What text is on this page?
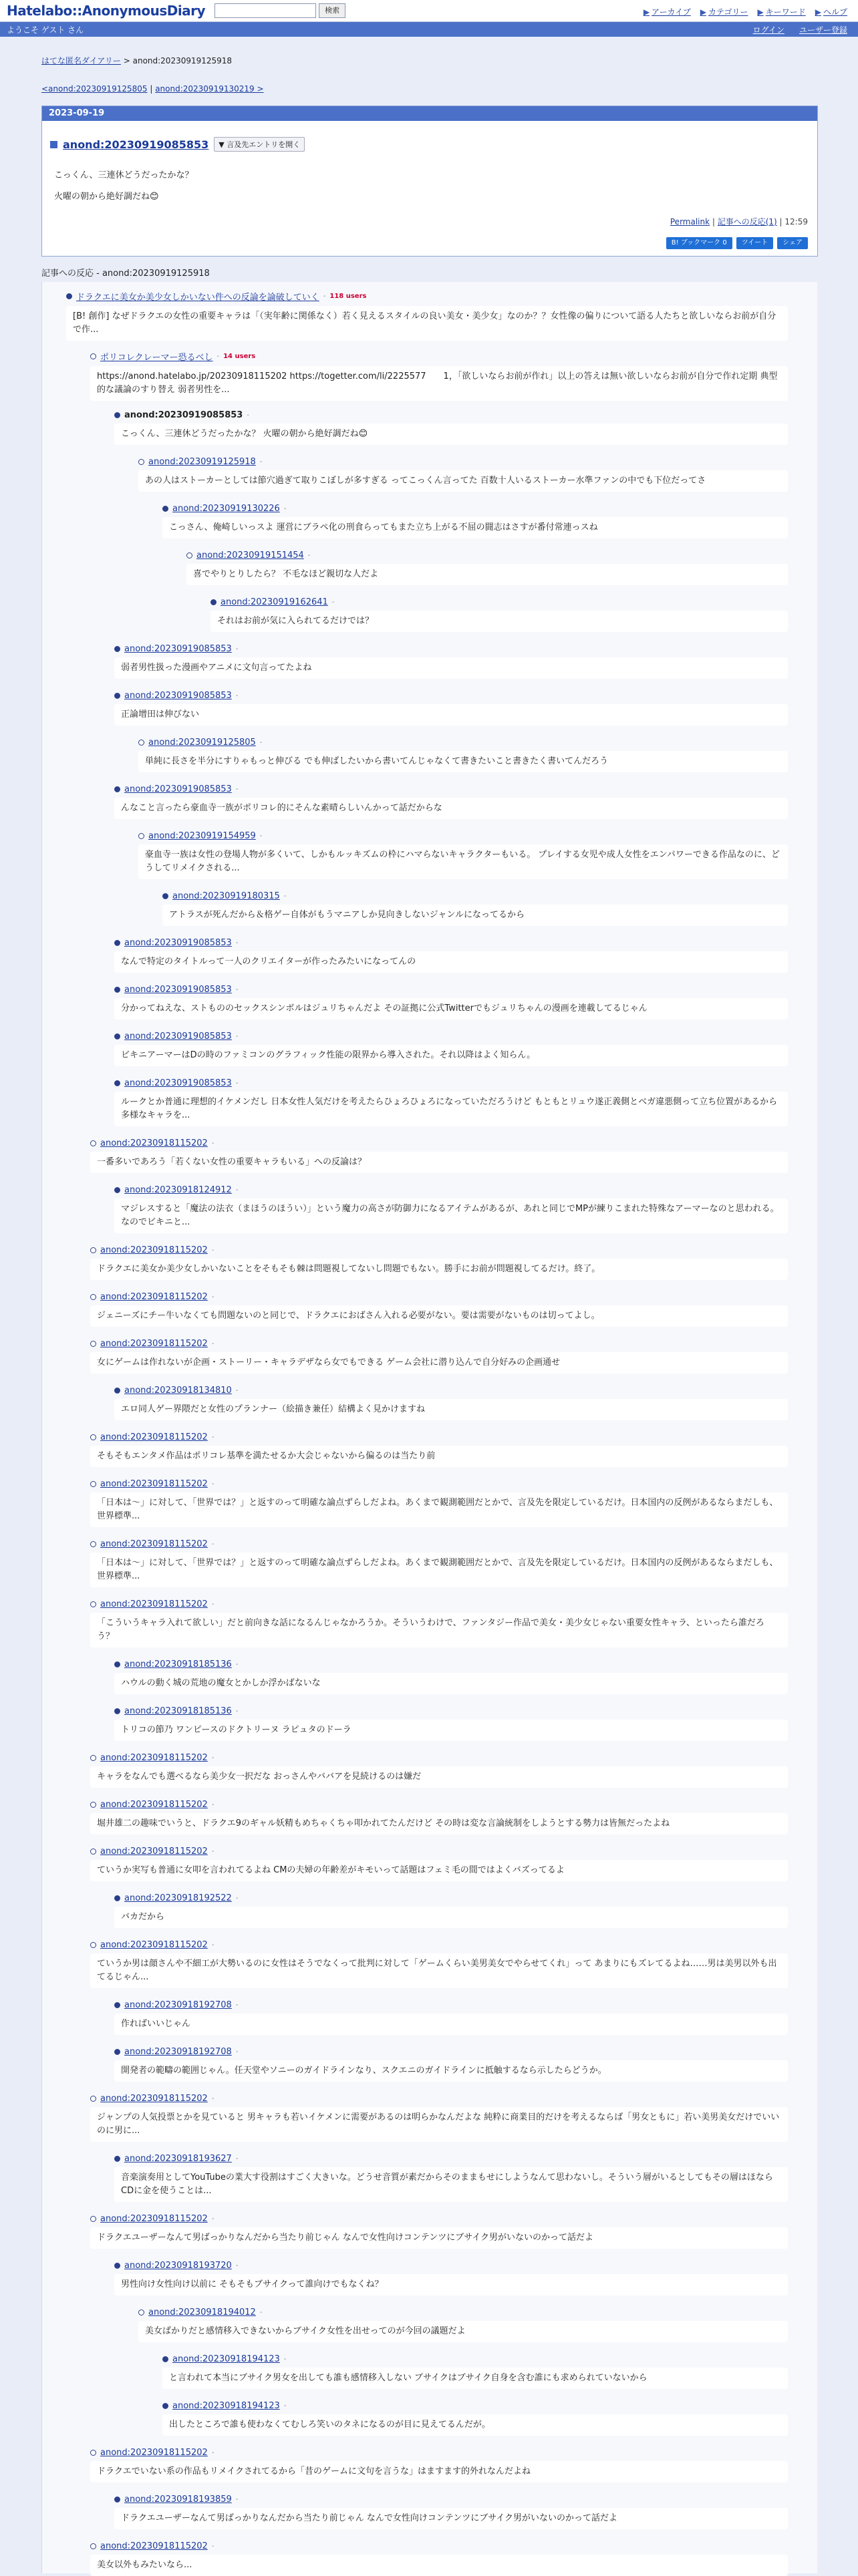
Hatelabo::AnonymousDiary	検索	▶ アーカイブ ▶ カテゴリー ▶ キーワード ▶ ヘルプ
ようこそ ゲスト さん	ログイン ユーザー登録
はてな匿名ダイアリー > anond:20230919125918
<anond:20230919125805 | anond:20230919130219 >
2023-09-19
anond:20230919085853	▼ 言及先エントリを開く
こっくん、三連休どうだったかな？
火曜の朝から絶好調だね😊
Permalink | 記事への反応(1) | 12:59
B! ブックマーク 0	ツイート	シェア
記事への反応 - anond:20230919125918
ドラクエに美女か美少女しかいない件への反論を論破していく - 118 users
[B! 創作] なぜドラクエの女性の重要キャラは「（実年齢に関係なく）若く見えるスタイルの良い美女・美少女」なのか？？女性像の偏りについて語る人たちと欲しいならお前が自分で作...
ポリコレクレーマー恐るベし - 14 users
https://anond.hatelabo.jp/20230918115202 https://togetter.com/li/2225577　　1，「欲しいならお前が作れ」以上の答えは無い欲しいならお前が自分で作れ定期 典型的な議論のすり替え 弱者男性を...
anond:20230919085853 -
こっくん、三連休どうだったかな？ 火曜の朝から絶好調だね😊
anond:20230919125918 -
あの人はストーカーとしては節穴過ぎて取りこぼしが多すぎる ってこっくん言ってた 百数十人いるストーカー水準ファンの中でも下位だってさ
anond:20230919130226 -
こっさん、俺崎しいっスよ 運営にブラペ化の刑食らってもまた立ち上がる不屈の闘志はさすが番付常連っスね
anond:20230919151454 -
喜でやりとりしたら？ 不毛なほど親切な人だよ
anond:20230919162641 -
それはお前が気に入られてるだけでは？
anond:20230919085853 -
弱者男性扱った漫画やアニメに文句言ってたよね
anond:20230919085853 -
正論增田は伸びない
anond:20230919125805 -
単純に長さを半分にすりゃもっと伸びる でも伸ばしたいから書いてんじゃなくて書きたいこと書きたく書いてんだろう
anond:20230919085853 -
んなこと言ったら豪血寺一族がポリコレ的にそんな素晴らしいんかって話だからな
anond:20230919154959 -
豪血寺一族は女性の登場人物が多くいて、しかもルッキズムの枠にハマらないキャラクターもいる。 プレイする女児や成人女性をエンパワーできる作品なのに、どうしてリメイクされる...
anond:20230919180315 -
アトラスが死んだから＆格ゲー自体がもうマニアしか見向きしないジャンルになってるから
anond:20230919085853 -
なんで特定のタイトルって一人のクリエイターが作ったみたいになってんの
anond:20230919085853 -
分かってねえな、ストもののセックスシンボルはジュリちゃんだよ その証拠に公式Twitterでもジュリちゃんの漫画を連載してるじゃん
anond:20230919085853 -
ビキニアーマーはDの時のファミコンのグラフィック性能の限界から導入された。それ以降はよく知らん。
anond:20230919085853 -
ルークとか普通に理想的イケメンだし 日本女性人気だけを考えたらひょろひょろになっていただろうけど もともとリュウ遂正義側とベガ違悪側って立ち位置があるから多様なキャラを...
anond:20230918115202 -
一番多いであろう「若くない女性の重要キャラもいる」への反論は？
anond:20230918124912 -
マジレスすると「魔法の法衣（まほうのほうい）」という魔力の高さが防御力になるアイテムがあるが、あれと同じでMPが練りこまれた特殊なアーマーなのと思われる。なのでビキニと...
anond:20230918115202 -
ドラクエに美女か美少女しかいないことをそもそも棘は問題視してないし問題でもない。勝手にお前が問題視してるだけ。終了。
anond:20230918115202 -
ジェニーズにチー牛いなくても問題ないのと同じで、ドラクエにおばさん入れる必要がない。要は需要がないものは切ってよし。
anond:20230918115202 -
女にゲームは作れないが企画・ストーリー・キャラデザなら女でもできる ゲーム会社に潜り込んで自分好みの企画通せ
anond:20230918134810 -
エロ同人ゲー界隈だと女性のプランナー（絵描き兼任）結構よく見かけますね
anond:20230918115202 -
そもそもエンタメ作品はポリコレ基準を満たせるか大会じゃないから偏るのは当たり前
anond:20230918115202 -
「日本は〜」に対して、「世界では？」と返すのって明確な論点ずらしだよね。あくまで観測範囲だとかで、言及先を限定しているだけ。日本国内の反例があるならまだしも、世界標準...
anond:20230918115202 -
「日本は〜」に対して、「世界では？」と返すのって明確な論点ずらしだよね。あくまで観測範囲だとかで、言及先を限定しているだけ。日本国内の反例があるならまだしも、世界標準...
anond:20230918115202 -
「こういうキャラ入れて欲しい」だと前向きな話になるんじゃなかろうか。そういうわけで、ファンタジー作品で美女・美少女じゃない重要女性キャラ、といったら誰だろう？
anond:20230918185136 -
ハウルの動く城の荒地の魔女とかしか浮かばないな
anond:20230918185136 -
トリコの節乃 ワンピースのドクトリーヌ ラピュタのドーラ
anond:20230918115202 -
キャラをなんでも選べるなら美少女一択だな おっさんやババアを見続けるのは嫌だ
anond:20230918115202 -
堀井雄二の趣味でいうと、ドラクエ9のギャル妖精もめちゃくちゃ叩かれてたんだけど その時は変な言論統制をしようとする勢力は皆無だったよね
anond:20230918115202 -
ていうか実写も普通に女叩を言われてるよね CMの夫婦の年齢差がキモいって話題はフェミ毛の間ではよくバズってるよ
anond:20230918192522 -
バカだから
anond:20230918115202 -
ていうか男は顔さんや不細工が大勢いるのに女性はそうでなくって批判に対して「ゲームくらい美男美女でやらせてくれ」って あまりにもズレてるよね……男は美男以外も出てるじゃん...
anond:20230918192708 -
作ればいいじゃん
anond:20230918192708 -
開発者の範疇の範囲じゃん。任天堂やソニーのガイドラインなり、スクエニのガイドラインに抵触するなら示したらどうか。
anond:20230918115202 -
ジャンプの人気投票とかを見ていると 男キャラも若いイケメンに需要があるのは明らかなんだよな 純粋に商業目的だけを考えるならば「男女ともに」若い美男美女だけでいいのに男に...
anond:20230918193627 -
音楽演奏用としてYouTubeの業大す役割はすごく大きいな。どうせ音質が素だからそのままもせにしようなんて思わないし。そういう層がいるとしてもその層はほならCDに金を使うことは...
anond:20230918115202 -
ドラクエユーザーなんて男ばっかりなんだから当たり前じゃん なんで女性向けコンテンツにブサイク男がいないのかって話だよ
anond:20230918193720 -
男性向け女性向け以前に そもそもブサイクって誰向けでもなくね？
anond:20230918194012 -
美女ばかりだと感情移入できないからブサイク女性を出せってのが今回の議題だよ
anond:20230918194123 -
と言われて本当にブサイク男女を出しても誰も感情移入しない ブサイクはブサイク自身を含む誰にも求められていないから
anond:20230918194123 -
出したところで誰も使わなくてむしろ笑いのタネになるのが目に見えてるんだが。
anond:20230918115202 -
ドラクエでいない系の作品もリメイクされてるから「昔のゲームに文句を言うな」はますます的外れなんだよね
anond:20230918193859 -
ドラクエユーザーなんて男ばっかりなんだから当たり前じゃん なんで女性向けコンテンツにブサイク男がいないのかって話だよ
anond:20230918115202 -
美女以外もみたいなら...
